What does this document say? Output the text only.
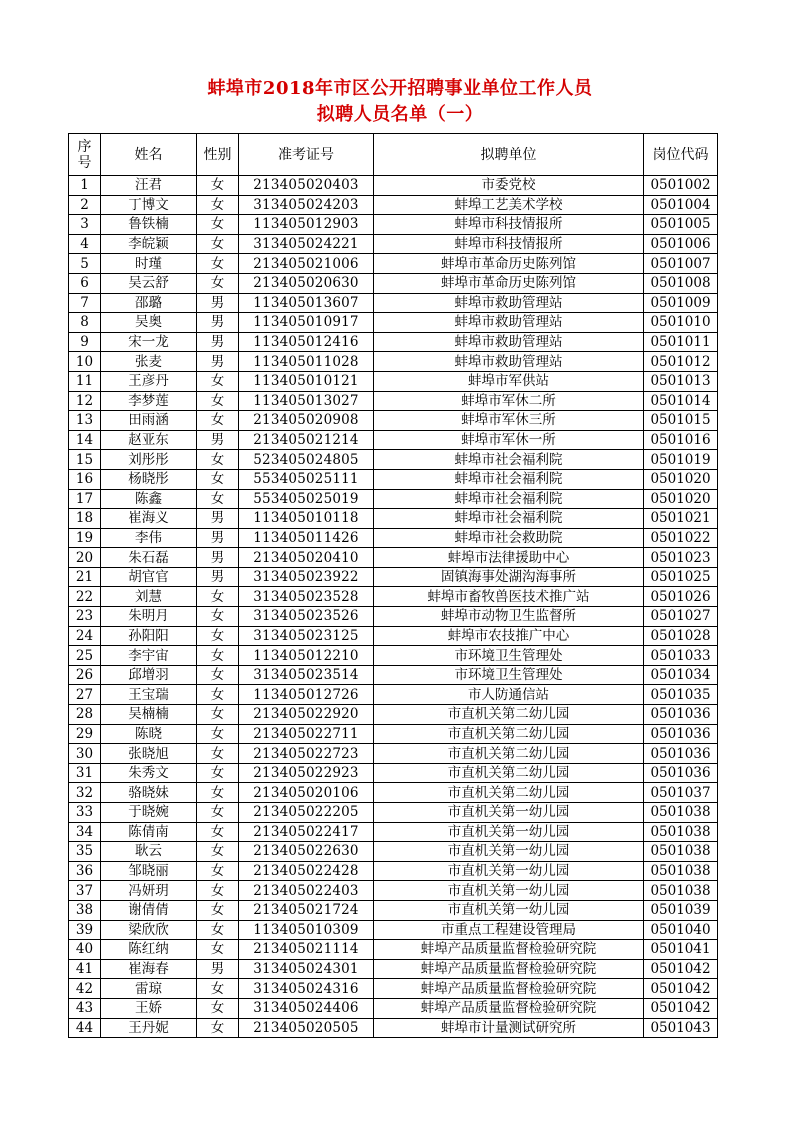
蚌埠市2018年市区公开招聘事业单位工作人员
拟聘人员名单（一）
序
号	姓名	性别	准考证号	拟聘单位	岗位代码
1	汪君	女	213405020403	市委党校	0501002
2	丁博文	女	313405024203	蚌埠工艺美术学校	0501004
3	鲁铁楠	女	113405012903	蚌埠市科技情报所	0501005
4	李皖颖	女	313405024221	蚌埠市科技情报所	0501006
5	时瑾	女	213405021006	蚌埠市革命历史陈列馆	0501007
6	吴云舒	女	213405020630	蚌埠市革命历史陈列馆	0501008
7	邵璐	男	113405013607	蚌埠市救助管理站	0501009
8	吴奥	男	113405010917	蚌埠市救助管理站	0501010
9	宋一龙	男	113405012416	蚌埠市救助管理站	0501011
10	张麦	男	113405011028	蚌埠市救助管理站	0501012
11	王彦丹	女	113405010121	蚌埠市军供站	0501013
12	李梦莲	女	113405013027	蚌埠市军休二所	0501014
13	田雨涵	女	213405020908	蚌埠市军休三所	0501015
14	赵亚东	男	213405021214	蚌埠市军休一所	0501016
15	刘彤彤	女	523405024805	蚌埠市社会福利院	0501019
16	杨晓彤	女	553405025111	蚌埠市社会福利院	0501020
17	陈鑫	女	553405025019	蚌埠市社会福利院	0501020
18	崔海义	男	113405010118	蚌埠市社会福利院	0501021
19	李伟	男	113405011426	蚌埠市社会救助院	0501022
20	朱石磊	男	213405020410	蚌埠市法律援助中心	0501023
21	胡官官	男	313405023922	固镇海事处湖沟海事所	0501025
22	刘慧	女	313405023528	蚌埠市畜牧兽医技术推广站	0501026
23	朱明月	女	313405023526	蚌埠市动物卫生监督所	0501027
24	孙阳阳	女	313405023125	蚌埠市农技推广中心	0501028
25	李宇宙	女	113405012210	市环境卫生管理处	0501033
26	邱增羽	女	313405023514	市环境卫生管理处	0501034
27	王宝瑞	女	113405012726	市人防通信站	0501035
28	吴楠楠	女	213405022920	市直机关第二幼儿园	0501036
29	陈晓	女	213405022711	市直机关第二幼儿园	0501036
30	张晓旭	女	213405022723	市直机关第二幼儿园	0501036
31	朱秀文	女	213405022923	市直机关第二幼儿园	0501036
32	骆晓妹	女	213405020106	市直机关第二幼儿园	0501037
33	于晓婉	女	213405022205	市直机关第一幼儿园	0501038
34	陈倩南	女	213405022417	市直机关第一幼儿园	0501038
35	耿云	女	213405022630	市直机关第一幼儿园	0501038
36	邹晓丽	女	213405022428	市直机关第一幼儿园	0501038
37	冯妍玥	女	213405022403	市直机关第一幼儿园	0501038
38	谢倩倩	女	213405021724	市直机关第一幼儿园	0501039
39	梁欣欣	女	113405010309	市重点工程建设管理局	0501040
40	陈红纳	女	213405021114	蚌埠产品质量监督检验研究院	0501041
41	崔海春	男	313405024301	蚌埠产品质量监督检验研究院	0501042
42	雷琼	女	313405024316	蚌埠产品质量监督检验研究院	0501042
43	王娇	女	313405024406	蚌埠产品质量监督检验研究院	0501042
44	王丹妮	女	213405020505	蚌埠市计量测试研究所	0501043
